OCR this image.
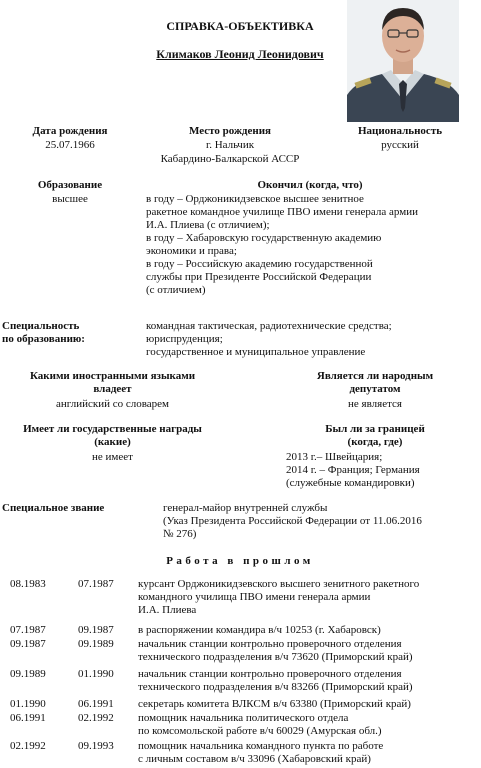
СПРАВКА-ОБЪЕКТИВКА
Климаков Леонид Леонидович
Дата рождения
25.07.1966
Место рождения
г. Нальчик
Кабардино-Балкарской АССР
Национальность
русский
Образование
высшее
Окончил (когда, что)
в году – Орджоникидзевское высшее зенитное
ракетное командное училище ПВО имени генерала армии
И.А. Плиева (с отличием);
в году – Хабаровскую государственную академию
экономики и права;
в году – Российскую академию государственной
службы при Президенте Российской Федерации
(с отличием)
Специальность
по образованию:
командная тактическая, радиотехнические средства;
юриспруденция;
государственное и муниципальное управление
Какими иностранными языками
владеет
английский со словарем
Является ли народным
депутатом
не является
Имеет ли государственные награды
(какие)
не имеет
Был ли за границей
(когда, где)
2013 г.– Швейцария;
2014 г. – Франция; Германия
(служебные командировки)
Специальное звание	генерал-майор внутренней службы
(Указ Президента Российской Федерации от 11.06.2016
№ 276)
Работа в прошлом
08.1983	07.1987 курсант Орджоникидзевского высшего зенитного ракетного
командного училища ПВО имени генерала армии
И.А. Плиева
07.1987	09.1987 в распоряжении командира в/ч 10253 (г. Хабаровск)
09.1987	09.1989 начальник станции контрольно проверочного отделения
технического подразделения в/ч 73620 (Приморский край)
09.1989	01.1990 начальник станции контрольно проверочного отделения
технического подразделения в/ч 83266 (Приморский край)
01.1990	06.1991 секретарь комитета ВЛКСМ в/ч 63380 (Приморский край)
06.1991	02.1992 помощник начальника политического отдела
по комсомольской работе в/ч 60029 (Амурская обл.)
02.1992	09.1993 помощник начальника командного пункта по работе
с личным составом в/ч 33096 (Хабаровский край)
